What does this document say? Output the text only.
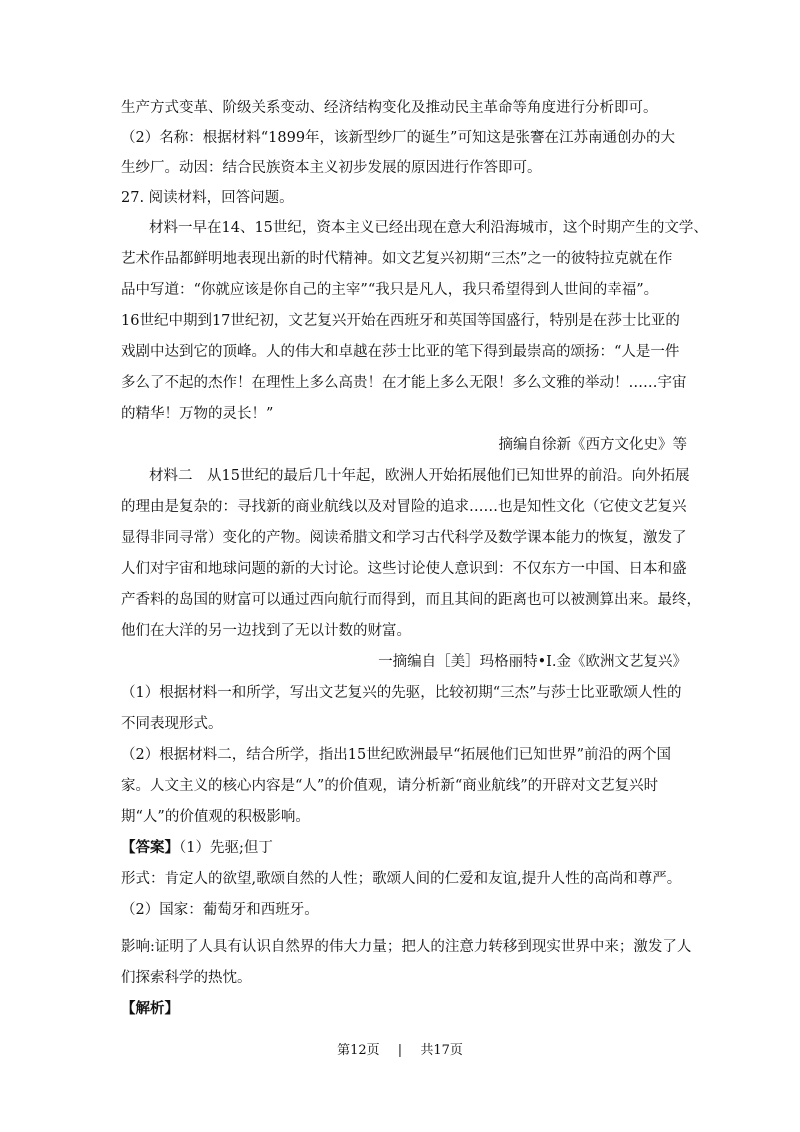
生产方式变革、阶级关系变动、经济结构变化及推动民主革命等角度进行分析即可。
（2）名称：根据材料“1899年，该新型纱厂的诞生”可知这是张謇在江苏南通创办的大
生纱厂。动因：结合民族资本主义初步发展的原因进行作答即可。
27. 阅读材料，回答问题。
材料一早在14、15世纪，资本主义已经出现在意大利沿海城市，这个时期产生的文学、
艺术作品都鲜明地表现出新的时代精神。如文艺复兴初期“三杰”之一的彼特拉克就在作
品中写道：“你就应该是你自己的主宰”“我只是凡人，我只希望得到人世间的幸福”。
16世纪中期到17世纪初，文艺复兴开始在西班牙和英国等国盛行，特别是在莎士比亚的
戏剧中达到它的顶峰。人的伟大和卓越在莎士比亚的笔下得到最崇高的颂扬：“人是一件
多么了不起的杰作！在理性上多么高贵！在才能上多么无限！多么文雅的举动！……宇宙
的精华！万物的灵长！”
摘编自徐新《西方文化史》等
材料二　从15世纪的最后几十年起，欧洲人开始拓展他们已知世界的前沿。向外拓展
的理由是复杂的：寻找新的商业航线以及对冒险的追求……也是知性文化（它使文艺复兴
显得非同寻常）变化的产物。阅读希腊文和学习古代科学及数学课本能力的恢复，激发了
人们对宇宙和地球问题的新的大讨论。这些讨论使人意识到：不仅东方一中国、日本和盛
产香料的岛国的财富可以通过西向航行而得到，而且其间的距离也可以被测算出来。最终，
他们在大洋的另一边找到了无以计数的财富。
一摘编自［美］玛格丽特•I.金《欧洲文艺复兴》
（1）根据材料一和所学，写出文艺复兴的先驱，比较初期“三杰”与莎士比亚歌颂人性的
不同表现形式。
（2）根据材料二，结合所学，指出15世纪欧洲最早“拓展他们已知世界”前沿的两个国
家。人文主义的核心内容是“人”的价值观，请分析新“商业航线”的开辟对文艺复兴时
期“人”的价值观的积极影响。
【答案】（1）先驱;但丁
形式：肯定人的欲望,歌颂自然的人性；歌颂人间的仁爱和友谊,提升人性的高尚和尊严。
（2）国家：葡萄牙和西班牙。
影响:证明了人具有认识自然界的伟大力量；把人的注意力转移到现实世界中来；激发了人
们探索科学的热忱。
【解析】
第12页 | 共17页
